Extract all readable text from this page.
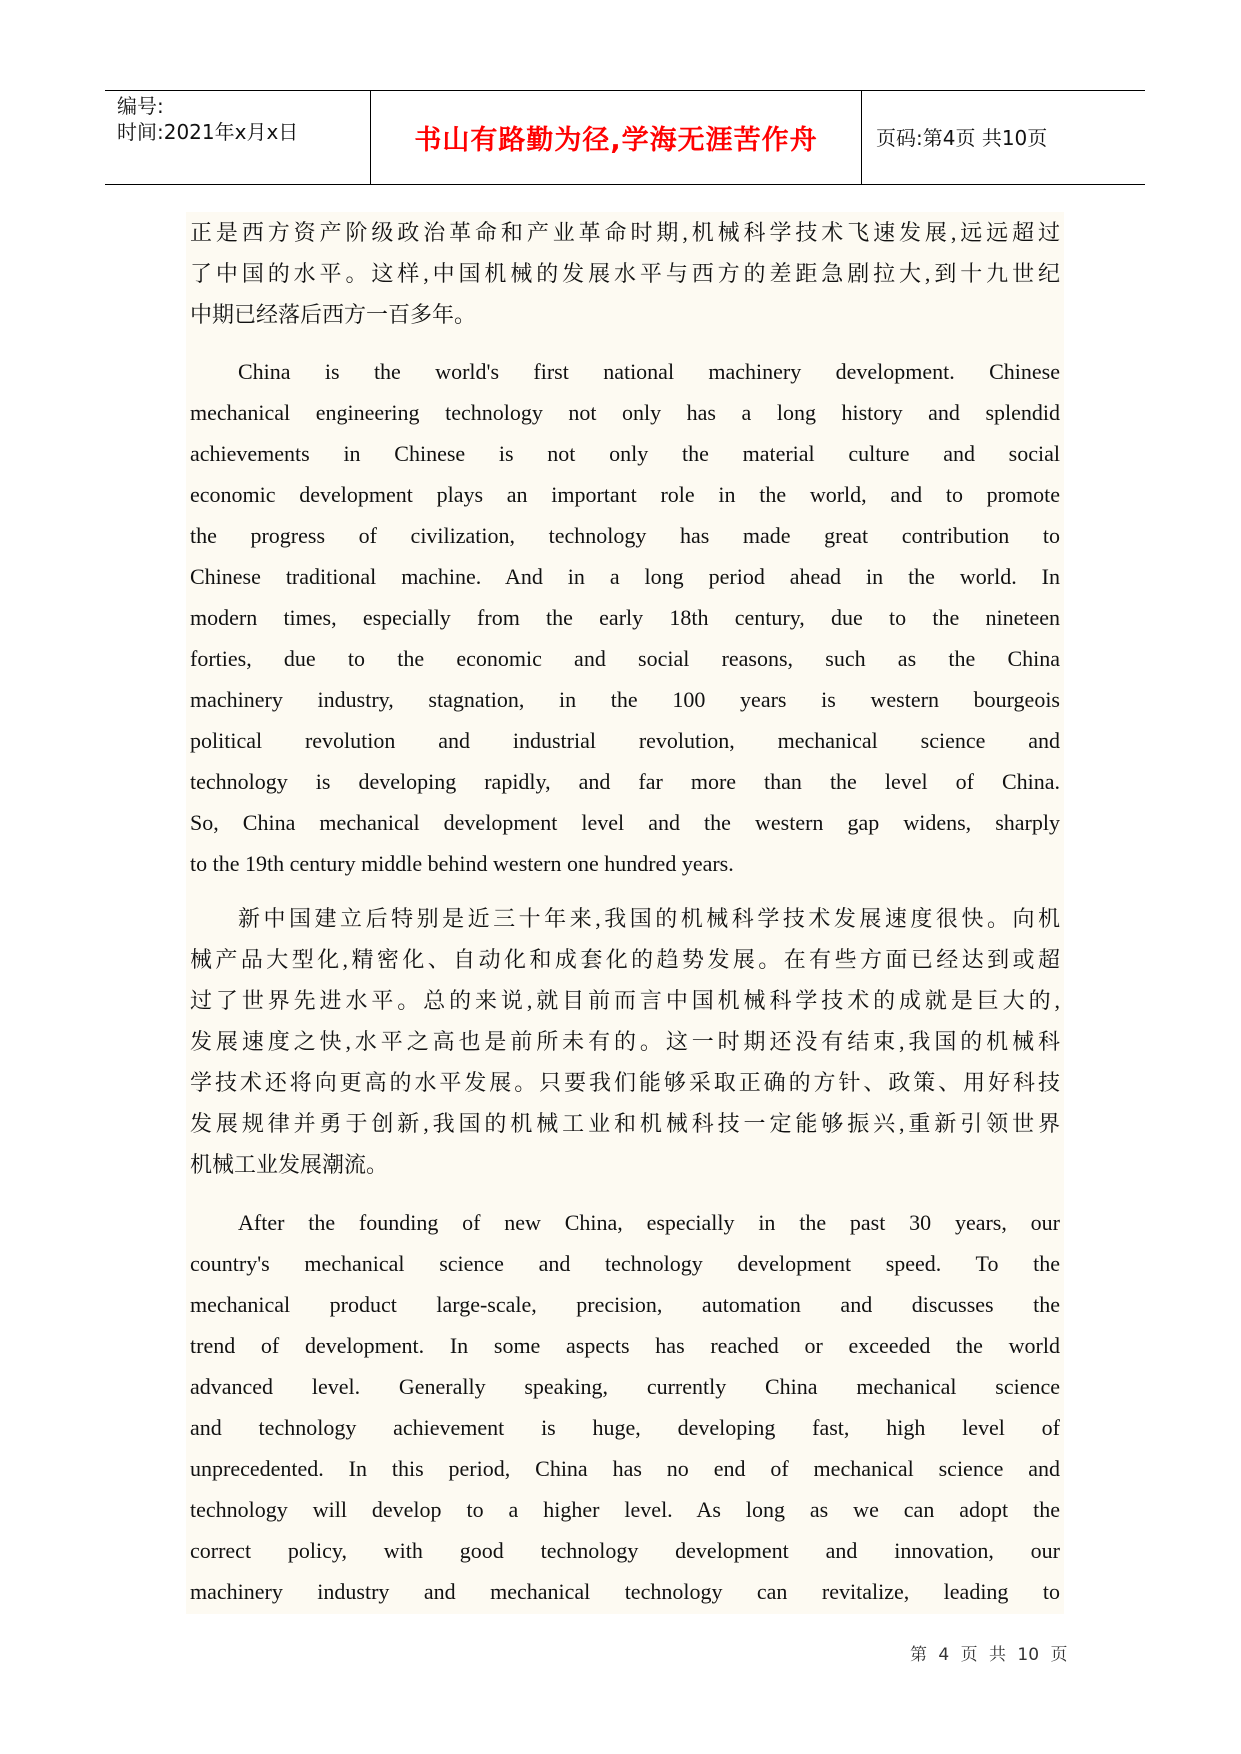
编号:
时间:2021年x月x日	书山有路勤为径,学海无涯苦作舟	页码:第4页 共10页
正是西方资产阶级政治革命和产业革命时期,机械科学技术飞速发展,远远超过
了中国的水平。这样,中国机械的发展水平与西方的差距急剧拉大,到十九世纪
中期已经落后西方一百多年。
China is the world's first national machinery development. Chinese
mechanical engineering technology not only has a long history and splendid
achievements in Chinese is not only the material culture and social
economic development plays an important role in the world, and to promote
the progress of civilization, technology has made great contribution to
Chinese traditional machine. And in a long period ahead in the world. In
modern times, especially from the early 18th century, due to the nineteen
forties, due to the economic and social reasons, such as the China
machinery industry, stagnation, in the 100 years is western bourgeois
political revolution and industrial revolution, mechanical science and
technology is developing rapidly, and far more than the level of China.
So, China mechanical development level and the western gap widens, sharply
to the 19th century middle behind western one hundred years.
新中国建立后特别是近三十年来,我国的机械科学技术发展速度很快。向机
械产品大型化,精密化、自动化和成套化的趋势发展。在有些方面已经达到或超
过了世界先进水平。总的来说,就目前而言中国机械科学技术的成就是巨大的,
发展速度之快,水平之高也是前所未有的。这一时期还没有结束,我国的机械科
学技术还将向更高的水平发展。只要我们能够采取正确的方针、政策、用好科技
发展规律并勇于创新,我国的机械工业和机械科技一定能够振兴,重新引领世界
机械工业发展潮流。
After the founding of new China, especially in the past 30 years, our
country's mechanical science and technology development speed. To the
mechanical product large-scale, precision, automation and discusses the
trend of development. In some aspects has reached or exceeded the world
advanced level. Generally speaking, currently China mechanical science
and technology achievement is huge, developing fast, high level of
unprecedented. In this period, China has no end of mechanical science and
technology will develop to a higher level. As long as we can adopt the
correct policy, with good technology development and innovation, our
machinery industry and mechanical technology can revitalize, leading to
第 4 页 共 10 页
